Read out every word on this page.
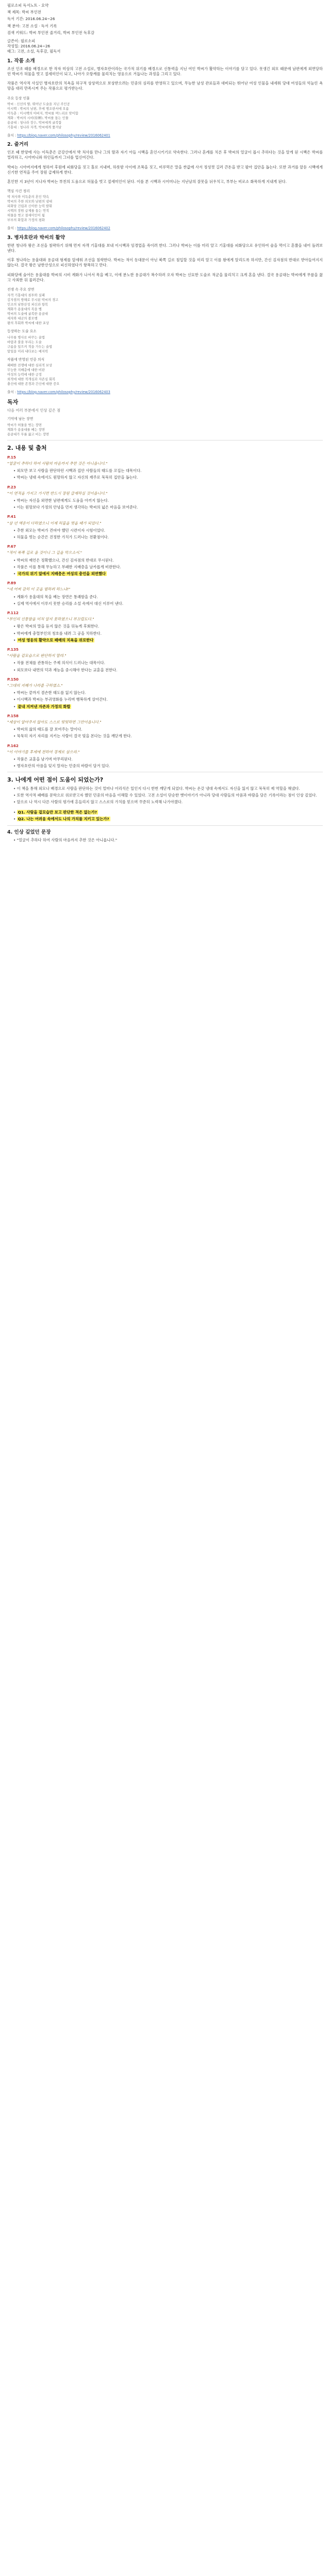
필로소피 독서노트 - 요약
책 제목: 박씨 부인전
독서 기간: 2016.06.24~26
책 분야: 고전 소설 · 독서 기록
검색 키워드: 박씨 부인전 줄거리, 박씨 부인전 독후감
글쓴이: 필로소피
작성일: 2016.06.24~26
태그: 고전, 소설, 독후감, 필독서
1. 작품 소개

조선 인조 때를 배경으로 한 작자 미상의 고전 소설로, 병자호란이라는 국가적 위기를 배경으로 신통력을 지닌 여인 박씨가 활약하는 이야기를 담고 있다. 못생긴 외모 때문에 남편에게 외면당하던 박씨가 허물을 벗고 절세미인이 되고, 나아가 오랑캐를 물리치는 영웅으로 거듭나는 과정을 그리고 있다.

작품은 역사적 사실인 병자호란의 치욕을 허구적 상상력으로 보상받으려는 민중의 심리를 반영하고 있으며, 무능한 남성 관료들과 대비되는 뛰어난 여성 인물을 내세워 당대 여성들의 억눌린 욕망을 대리 만족시켜 주는 작품으로 평가받는다.

주요 등장 인물
박씨 : 신선의 딸, 뛰어난 도술을 지닌 주인공
이시백 : 박씨의 남편, 후에 병조판서에 오름
이득춘 : 이시백의 아버지, 박씨를 며느리로 맞이함
계화 : 박씨의 시비(侍婢), 박씨를 돕는 인물
용골대 : 청나라 장수, 박씨에게 굴복함
기홍대 : 청나라 자객, 박씨에게 쫓겨남
출처 : https://blog.naver.com/philosophy/review/2016062401
2. 줄거리

인조 때 한양에 사는 이득춘은 금강산에서 박 처사를 만나 그의 딸과 자기 아들 시백을 혼인시키기로 약속한다. 그러나 혼례를 치른 후 박씨의 얼굴이 몹시 추하다는 것을 알게 된 시백은 박씨를 멀리하고, 시어머니와 하인들까지 그녀를 업신여긴다.

박씨는 시아버지에게 청하여 후원에 피화당을 짓고 홀로 지내며, 하룻밤 사이에 조복을 짓고, 비루먹은 말을 싼값에 사서 정성껏 길러 큰돈을 받고 팔아 집안을 돕는다. 또한 과거를 앞둔 시백에게 신기한 연적을 주어 장원 급제하게 한다.

혼인한 지 3년이 지나자 박씨는 부친의 도움으로 허물을 벗고 절세미인이 된다. 이를 본 시백과 시어머니는 지난날의 잘못을 뉘우치고, 부부는 비로소 화목하게 지내게 된다.

핵심 사건 정리
박 처사와 이득춘의 혼인 약속
박씨의 추한 외모와 남편의 냉대
피화당 건립과 신이한 능력 발휘
시백의 장원 급제를 돕는 연적
허물을 벗고 절세미인이 됨
부부의 화합과 가정의 평화
출처 : https://blog.naver.com/philosophy/review/2016062402
3. 병자호란과 박씨의 활약

한편 청나라 왕은 조선을 침략하기 위해 먼저 자객 기홍대를 보내 이시백과 임경업을 죽이려 한다. 그러나 박씨는 이를 미리 알고 기홍대를 피화당으로 유인하여 술을 먹이고 혼쭐을 내어 돌려보낸다.

이후 청나라는 용울대와 용골대 형제를 앞세워 조선을 침략한다. 박씨는 적이 동대문이 아닌 북쪽 길로 침입할 것을 미리 알고 이를 왕에게 알리도록 하지만, 간신 김자점의 반대로 받아들여지지 않는다. 결국 왕은 남한산성으로 피신하였다가 항복하고 만다.

피화당에 숨어든 용울대를 박씨의 시비 계화가 나서서 목을 베고, 이에 분노한 용골대가 복수하러 오자 박씨는 신묘한 도술로 적군을 물리치고 크게 혼을 낸다. 결국 용골대는 박씨에게 무릎을 꿇고 사죄한 뒤 물러간다.

전쟁 속 주요 장면
자객 기홍대의 침투와 실패
김자점의 방해로 무시된 박씨의 경고
인조의 남한산성 피신과 항복
계화가 용울대의 목을 벰
박씨의 도술에 굴복한 용골대
세자와 대군의 볼모행
왕의 후회와 박씨에 대한 포상
등장하는 도술 요소
나무를 병사로 바꾸는 술법
바람과 불을 부리는 도술
구름을 일으켜 적을 가두는 술법
앞일을 미리 내다보는 예지력
작품에 반영된 민중 의식
패배한 전쟁에 대한 심리적 보상
무능한 지배층에 대한 비판
여성의 능력에 대한 긍정
외적에 대한 적개심과 자존심 회복
충신에 대한 존경과 간신에 대한 증오
출처 : https://blog.naver.com/philosophy/review/2016062403
독자
다음 여러 부분에서 인상 깊은 점
기억에 남는 장면
박씨가 허물을 벗는 장면
계화가 용울대를 베는 장면
용골대가 무릎 꿇고 비는 장면
2. 내용 및 출처
P.15
"얼굴이 추하다 하여 사람의 마음까지 추한 것은 아니옵니다."
• 외모만 보고 사람을 판단하던 시백과 집안 사람들의 태도를 꼬집는 대목이다.
• 박씨는 냉대 속에서도 원망하지 않고 자신의 재주로 묵묵히 집안을 돕는다.
P.23
"이 연적을 가지고 가시면 반드시 장원 급제하실 것이옵니다."
• 박씨는 자신을 외면한 남편에게도 도움을 아끼지 않는다.
• 이는 원망보다 가정의 안녕을 먼저 생각하는 박씨의 넓은 마음을 보여준다.
P.41
"삼 년 액운이 다하였으니 이제 허물을 벗을 때가 되었다."
• 추한 외모는 박씨가 견뎌야 했던 시련이자 시험이었다.
• 허물을 벗는 순간은 진정한 가치가 드러나는 전환점이다.
P.67
"적이 북쪽 길로 올 것이니 그 길을 막으소서."
• 박씨의 예언은 정확했으나, 간신 김자점의 반대로 무시된다.
• 작품은 이를 통해 무능하고 부패한 지배층을 날카롭게 비판한다.
• 국가의 위기 앞에서 지배층은 여성의 충언을 외면했다
P.89
"네 어찌 감히 이 곳을 범하려 하느냐!"
• 계화가 용울대의 목을 베는 장면은 통쾌함을 준다.
• 실제 역사에서 이루지 못한 승리를 소설 속에서 대신 이루어 낸다.
P.112
"부인의 신통함을 미처 알지 못하였으니 부끄럽도다."
• 왕은 박씨의 말을 듣지 않은 것을 뒤늦게 후회한다.
• 박씨에게 충렬부인의 칭호를 내려 그 공을 치하한다.
• 여성 영웅의 활약으로 패배의 치욕을 위로한다
P.135
"사람을 겉모습으로 판단하지 말라."
• 작품 전체를 관통하는 주제 의식이 드러나는 대목이다.
• 외모보다 내면의 덕과 재능을 중시해야 한다는 교훈을 전한다.
P.150
"그대의 지혜가 나라를 구하였소."
• 박씨는 끝까지 겸손한 태도를 잃지 않는다.
• 이시백과 박씨는 부귀영화를 누리며 행복하게 살아간다.
• 끝내 지켜낸 자존과 가정의 화합
P.158
"세상이 알아주지 않아도 스스로 떳떳하면 그만이옵니다."
• 박씨의 삶의 태도를 잘 보여주는 말이다.
• 묵묵히 자기 자리를 지키는 사람이 결국 빛을 본다는 것을 깨닫게 한다.
P.162
"이 이야기를 후세에 전하여 경계로 삼으라."
• 작품은 교훈을 남기며 마무리된다.
• 병자호란의 아픔을 잊지 말자는 민중의 바람이 담겨 있다.
3. 나에게 어떤 점이 도움이 되었는가?
• 이 책을 통해 외모나 배경으로 사람을 판단하는 것이 얼마나 어리석은 일인지 다시 한번 깨닫게 되었다. 박씨는 온갖 냉대 속에서도 자신을 잃지 않고 묵묵히 제 역할을 해냈다.
• 또한 역사적 패배를 문학으로 위로받고자 했던 민중의 마음을 이해할 수 있었다. 고전 소설이 단순한 옛이야기가 아니라 당대 사람들의 아픔과 바람을 담은 기록이라는 점이 인상 깊었다.
• 앞으로 나 역시 다른 사람의 평가에 흔들리지 않고 스스로의 가치를 믿으며 꾸준히 노력해 나가야겠다.
• Q1. 사람을 겉모습만 보고 판단한 적은 없는가?
• Q2. 나는 어려움 속에서도 나의 가치를 지키고 있는가?
4. 인상 깊었던 문장
• "얼굴이 추하다 하여 사람의 마음까지 추한 것은 아니옵니다."
